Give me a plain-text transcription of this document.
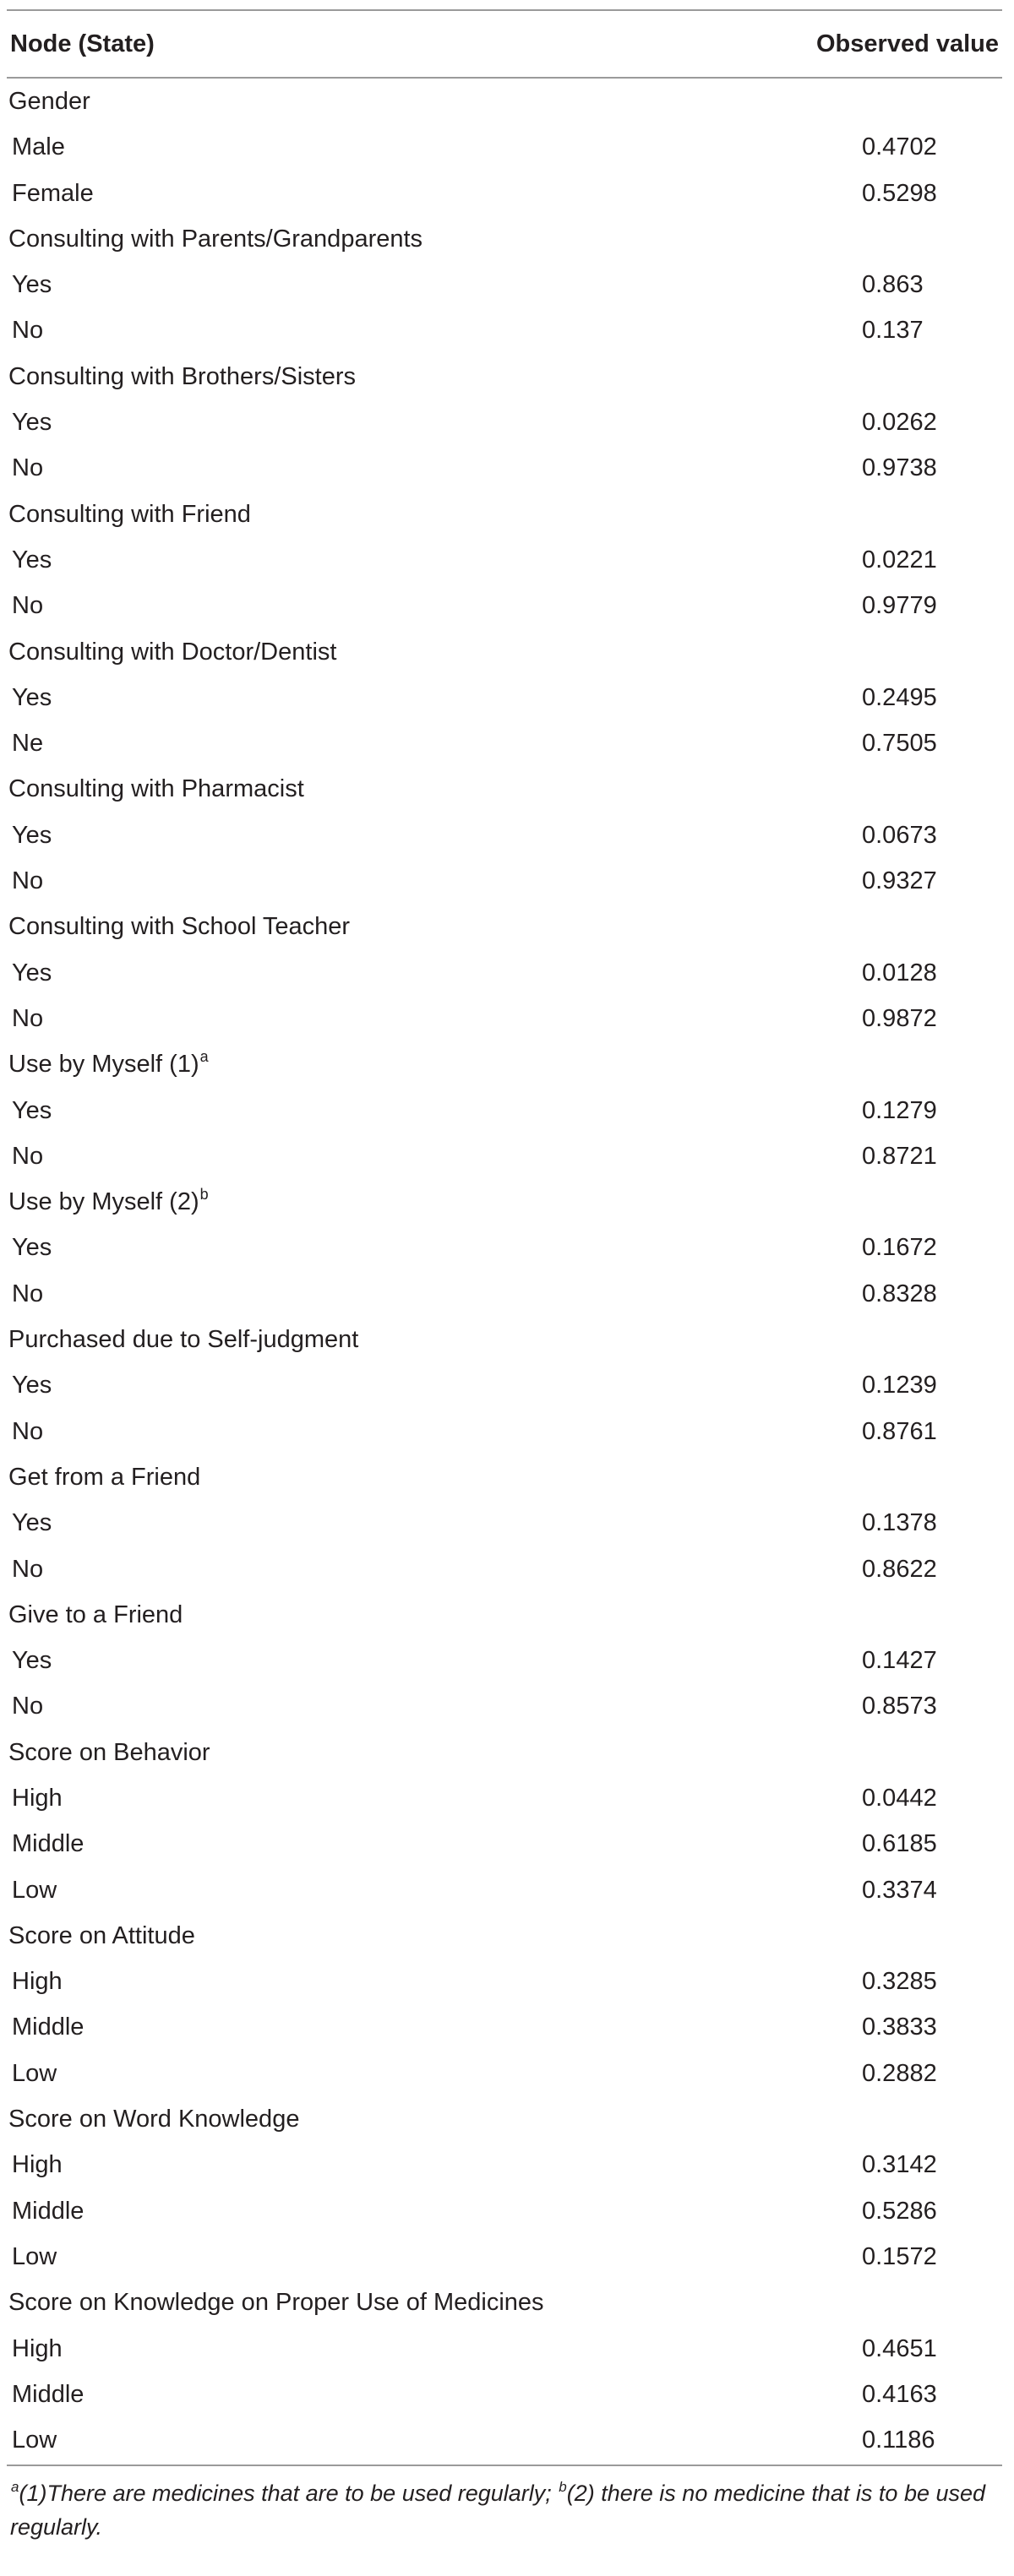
Node (State)	Observed value
Gender
Male	0.4702
Female	0.5298
Consulting with Parents/Grandparents
Yes	0.863
No	0.137
Consulting with Brothers/Sisters
Yes	0.0262
No	0.9738
Consulting with Friend
Yes	0.0221
No	0.9779
Consulting with Doctor/Dentist
Yes	0.2495
Ne	0.7505
Consulting with Pharmacist
Yes	0.0673
No	0.9327
Consulting with School Teacher
Yes	0.0128
No	0.9872
Use by Myself $(1)^a$
Yes	0.1279
No	0.8721
Use by Myself $(2)^b$
Yes	0.1672
No	0.8328
Purchased due to Self-judgment
Yes	0.1239
No	0.8761
Get from a Friend
Yes	0.1378
No	0.8622
Give to a Friend
Yes	0.1427
No	0.8573
Score on Behavior
High	0.0442
Middle	0.6185
Low	0.3374
Score on Attitude
High	0.3285
Middle	0.3833
Low	0.2882
Score on Word Knowledge
High	0.3142
Middle	0.5286
Low	0.1572
Score on Knowledge on Proper Use of Medicines
High	0.4651
Middle	0.4163
Low	0.1186
$^a$(1)There are medicines that are to be used regularly; $^b$(2) there is no medicine that is to be used regularly.
